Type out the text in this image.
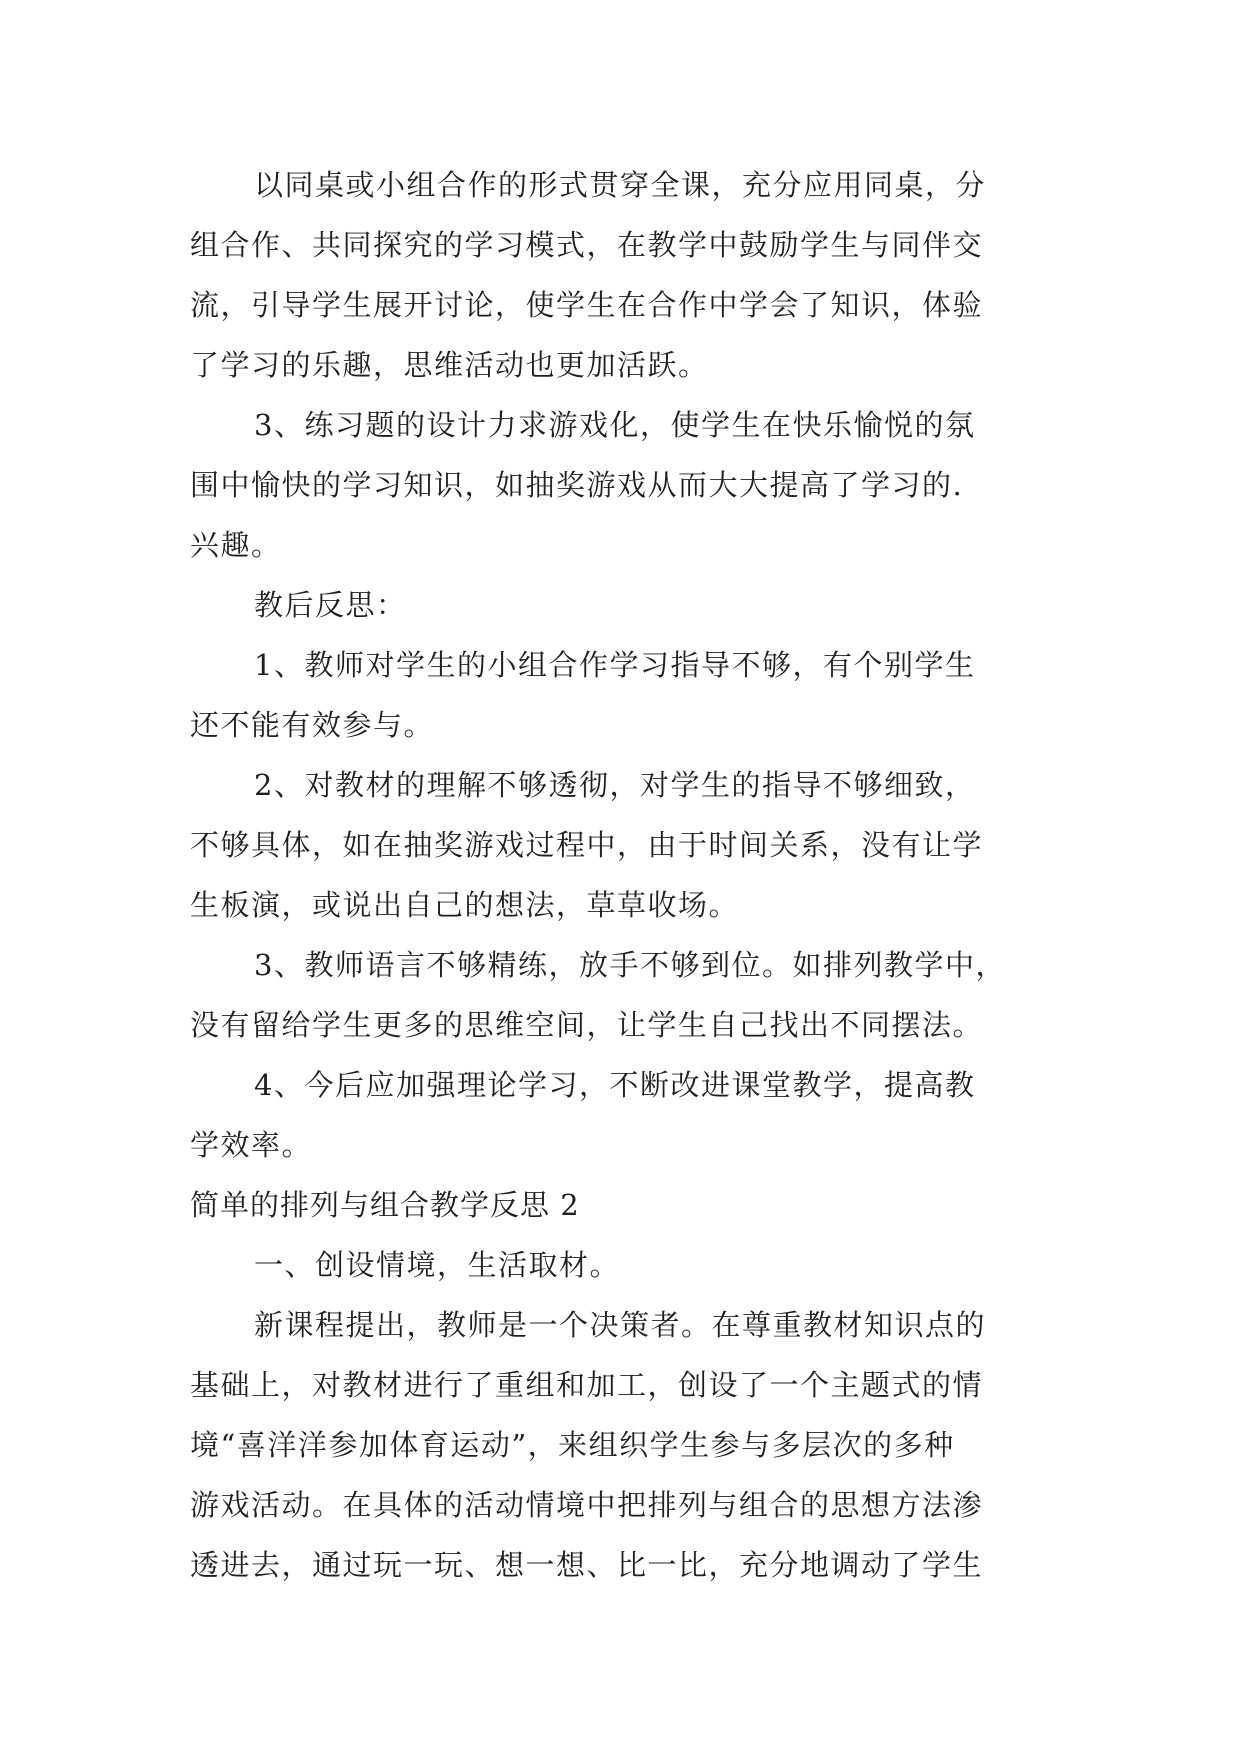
以同桌或小组合作的形式贯穿全课，充分应用同桌，分
组合作、共同探究的学习模式，在教学中鼓励学生与同伴交
流，引导学生展开讨论，使学生在合作中学会了知识，体验
了学习的乐趣，思维活动也更加活跃。
3、练习题的设计力求游戏化，使学生在快乐愉悦的氛
围中愉快的学习知识，如抽奖游戏从而大大提高了学习的.
兴趣。
教后反思：
1、教师对学生的小组合作学习指导不够，有个别学生
还不能有效参与。
2、对教材的理解不够透彻，对学生的指导不够细致，
不够具体，如在抽奖游戏过程中，由于时间关系，没有让学
生板演，或说出自己的想法，草草收场。
3、教师语言不够精练，放手不够到位。如排列教学中，
没有留给学生更多的思维空间，让学生自己找出不同摆法。
4、今后应加强理论学习，不断改进课堂教学，提高教
学效率。
简单的排列与组合教学反思 2
一、创设情境，生活取材。
新课程提出，教师是一个决策者。在尊重教材知识点的
基础上，对教材进行了重组和加工，创设了一个主题式的情
境“喜洋洋参加体育运动”，来组织学生参与多层次的多种
游戏活动。在具体的活动情境中把排列与组合的思想方法渗
透进去，通过玩一玩、想一想、比一比，充分地调动了学生
